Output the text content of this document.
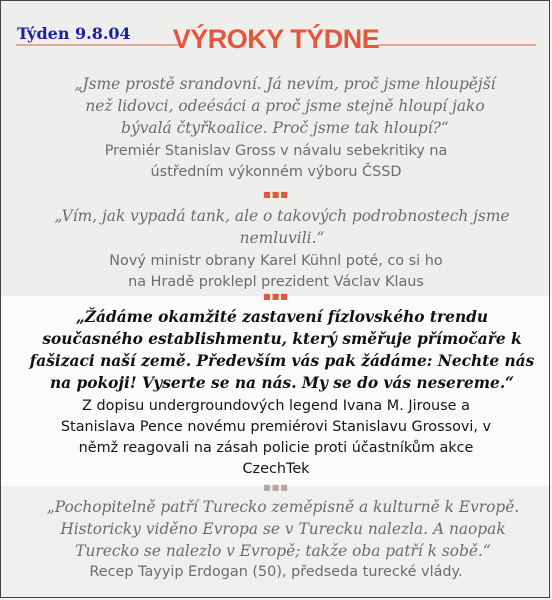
Týden 9.8.04	VÝROKY TÝDNE
„Jsme prostě srandovní. Já nevím, proč jsme hloupější než lidovci, odeésáci a proč jsme stejně hloupí jako bývalá čtyřkoalice. Proč jsme tak hloupí?“
Premiér Stanislav Gross v návalu sebekritiky na ústředním výkonném výboru ČSSD
■■■
„Vím, jak vypadá tank, ale o takových podrobnostech jsme nemluvili.“
Nový ministr obrany Karel Kühnl poté, co si ho na Hradě proklepl prezident Václav Klaus
■■■
„Žádáme okamžité zastavení fízlovského trendu současného establishmentu, který směřuje přímočaře k fašizaci naší země. Především vás pak žádáme: Nechte nás na pokoji! Vyserte se na nás. My se do vás nesereme.“
Z dopisu undergroundových legend Ivana M. Jirouse a Stanislava Pence novému premiérovi Stanislavu Grossovi, v němž reagovali na zásah policie proti účastníkům akce CzechTek
■■■
„Pochopitelně patří Turecko zeměpisně a kulturně k Evropě. Historicky viděno Evropa se v Turecku nalezla. A naopak Turecko se nalezlo v Evropě; takže oba patří k sobě.“
Recep Tayyip Erdogan (50), předseda turecké vlády.
